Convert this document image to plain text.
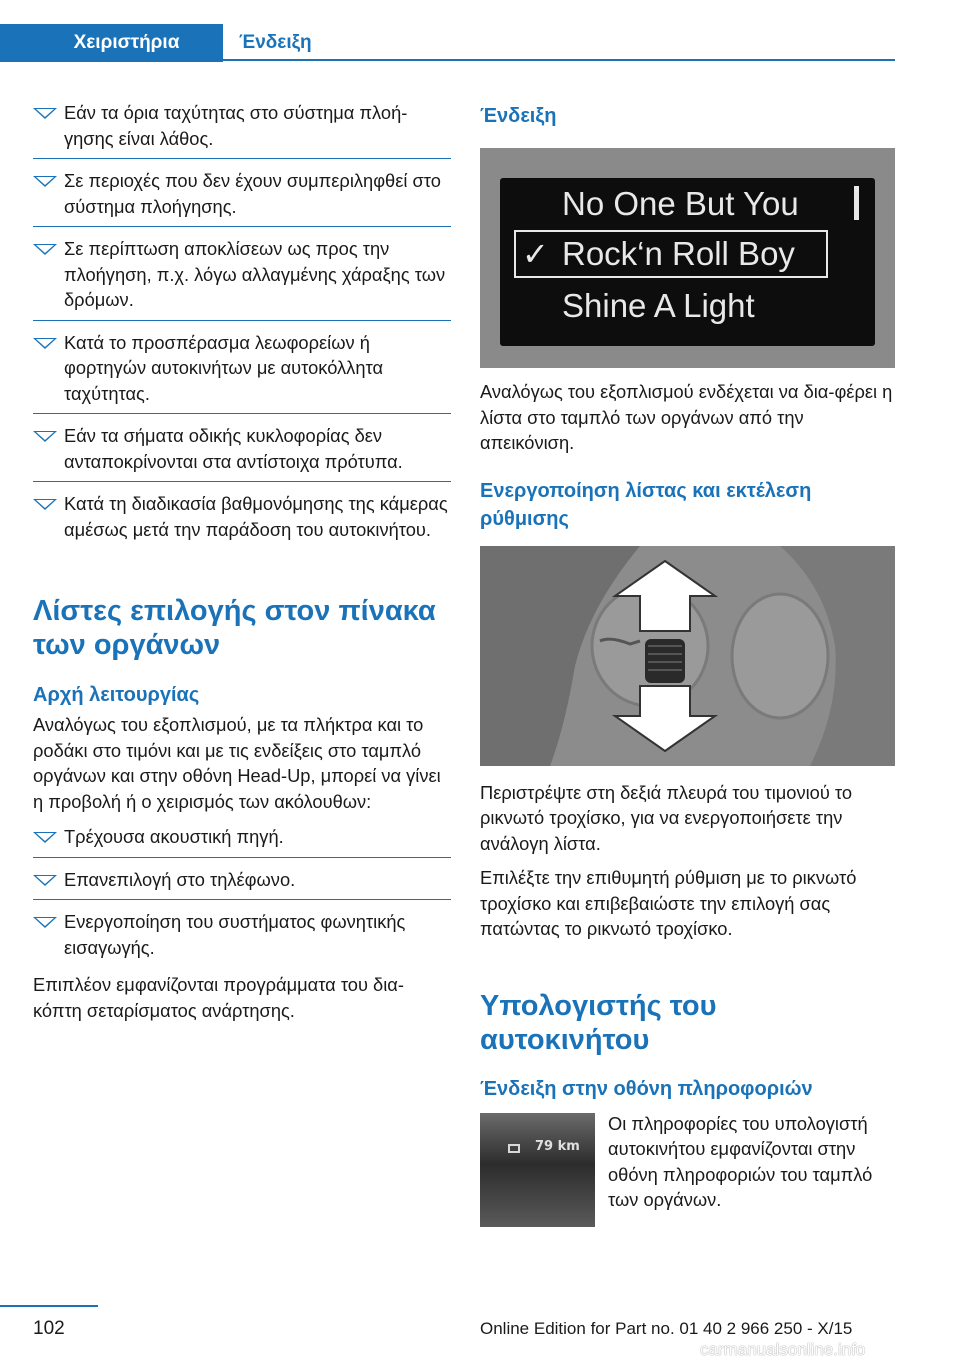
Χειριστήρια	Ένδειξη
Εάν τα όρια ταχύτητας στο σύστημα πλοή-γησης είναι λάθος.
Σε περιοχές που δεν έχουν συμπεριληφθεί στο σύστημα πλοήγησης.
Σε περίπτωση αποκλίσεων ως προς την πλοήγηση, π.χ. λόγω αλλαγμένης χάραξης των δρόμων.
Κατά το προσπέρασμα λεωφορείων ή φορτηγών αυτοκινήτων με αυτοκόλλητα ταχύτητας.
Εάν τα σήματα οδικής κυκλοφορίας δεν ανταποκρίνονται στα αντίστοιχα πρότυπα.
Κατά τη διαδικασία βαθμονόμησης της κάμερας αμέσως μετά την παράδοση του αυτοκινήτου.
Λίστες επιλογής στον πίνακα των οργάνων
Αρχή λειτουργίας
Αναλόγως του εξοπλισμού, με τα πλήκτρα και το ροδάκι στο τιμόνι και με τις ενδείξεις στο ταμπλό οργάνων και στην οθόνη Head-Up, μπορεί να γίνει η προβολή ή ο χειρισμός των ακόλουθων:
Τρέχουσα ακουστική πηγή.
Επανεπιλογή στο τηλέφωνο.
Ενεργοποίηση του συστήματος φωνητικής εισαγωγής.
Επιπλέον εμφανίζονται προγράμματα του δια-κόπτη σεταρίσματος ανάρτησης.
Ένδειξη
No One But You
✓ Rock‘n Roll Boy
Shine A Light
Αναλόγως του εξοπλισμού ενδέχεται να δια-φέρει η λίστα στο ταμπλό των οργάνων από την απεικόνιση.
Ενεργοποίηση λίστας και εκτέλεση ρύθμισης
Περιστρέψτε στη δεξιά πλευρά του τιμονιού το ρικνωτό τροχίσκο, για να ενεργοποιήσετε την ανάλογη λίστα.
Επιλέξτε την επιθυμητή ρύθμιση με το ρικνωτό τροχίσκο και επιβεβαιώστε την επιλογή σας πατώντας το ρικνωτό τροχίσκο.
Υπολογιστής του αυτοκινήτου
Ένδειξη στην οθόνη πληροφοριών
79 km
Οι πληροφορίες του υπολογιστή αυτοκινήτου εμφανίζονται στην οθόνη πληροφοριών του ταμπλό των οργάνων.
102	Online Edition for Part no. 01 40 2 966 250 - X/15
carmanualsonline.info
